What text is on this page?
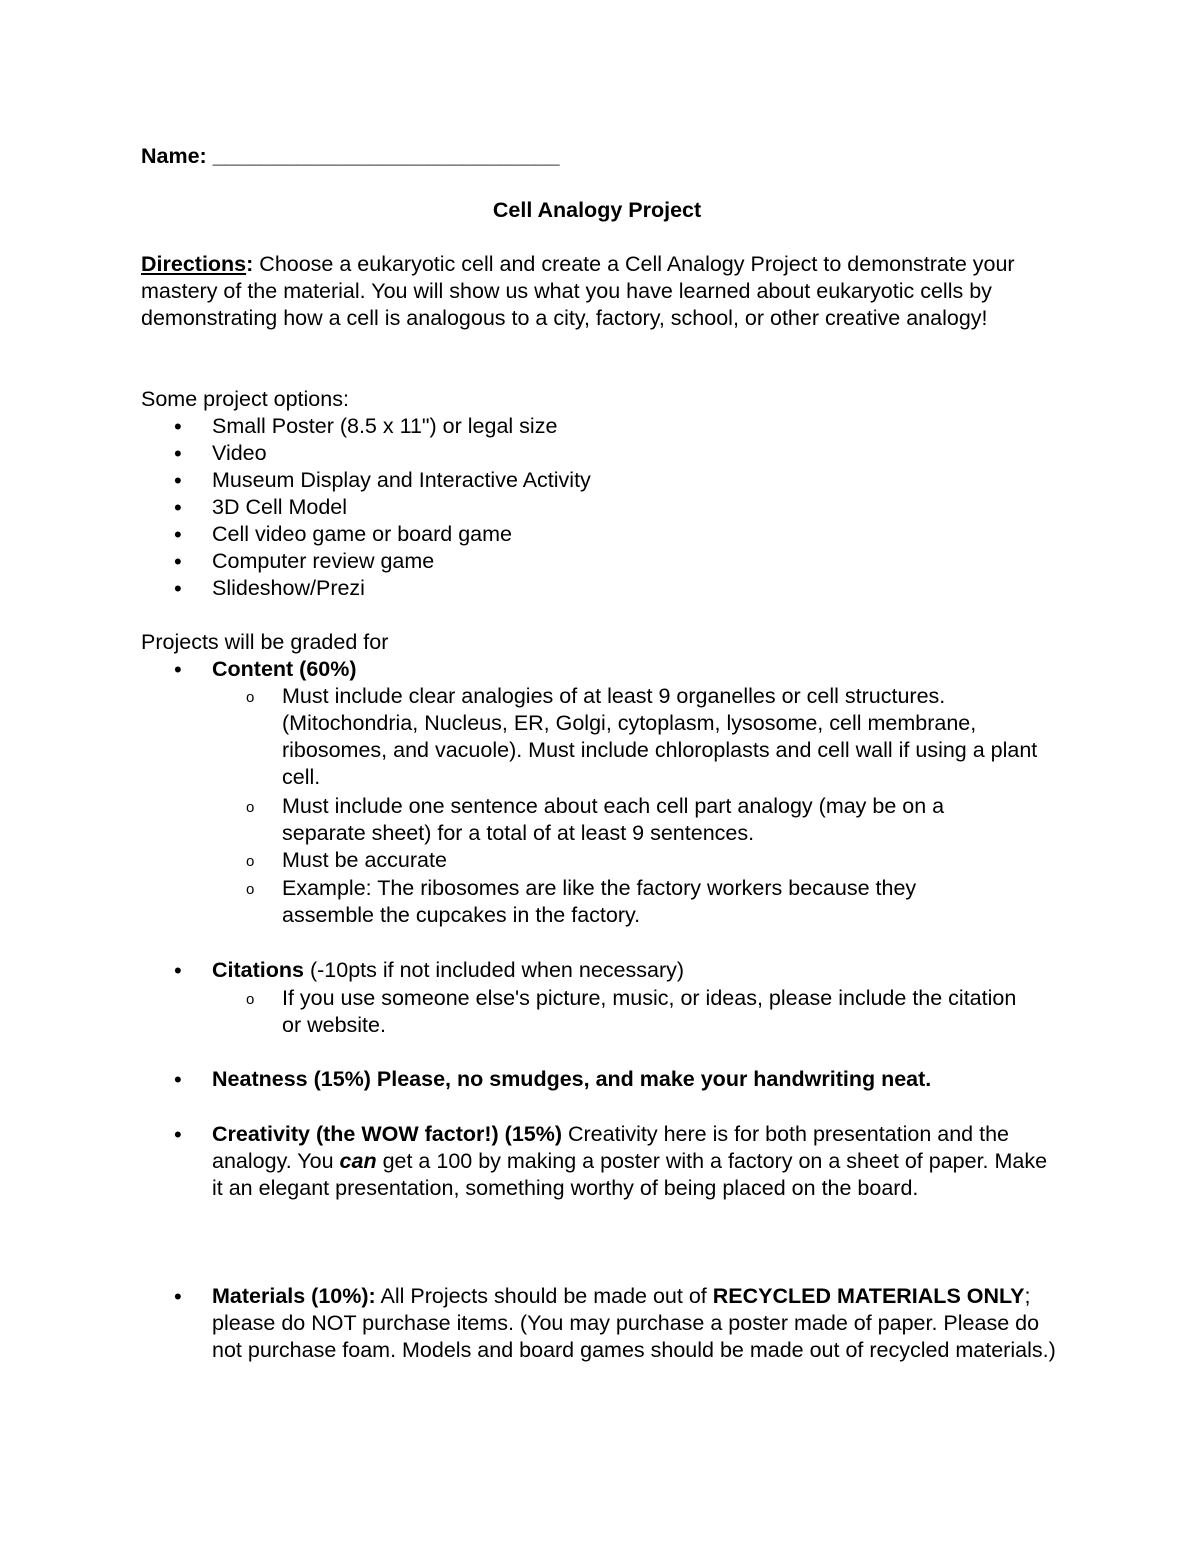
Name: _____________________________
Cell Analogy Project
Directions: Choose a eukaryotic cell and create a Cell Analogy Project to demonstrate your mastery of the material. You will show us what you have learned about eukaryotic cells by demonstrating how a cell is analogous to a city, factory, school, or other creative analogy!
Some project options:
• Small Poster (8.5 x 11") or legal size
• Video
• Museum Display and Interactive Activity
• 3D Cell Model
• Cell video game or board game
• Computer review game
• Slideshow/Prezi
Projects will be graded for
• Content (60%)
o Must include clear analogies of at least 9 organelles or cell structures. (Mitochondria, Nucleus, ER, Golgi, cytoplasm, lysosome, cell membrane, ribosomes, and vacuole). Must include chloroplasts and cell wall if using a plant cell.
o Must include one sentence about each cell part analogy (may be on a separate sheet) for a total of at least 9 sentences.
o Must be accurate
o Example: The ribosomes are like the factory workers because they assemble the cupcakes in the factory.
• Citations (-10pts if not included when necessary)
o If you use someone else's picture, music, or ideas, please include the citation or website.
• Neatness (15%) Please, no smudges, and make your handwriting neat.
• Creativity (the WOW factor!) (15%) Creativity here is for both presentation and the analogy. You can get a 100 by making a poster with a factory on a sheet of paper. Make it an elegant presentation, something worthy of being placed on the board.
• Materials (10%): All Projects should be made out of RECYCLED MATERIALS ONLY; please do NOT purchase items. (You may purchase a poster made of paper. Please do not purchase foam. Models and board games should be made out of recycled materials.)
